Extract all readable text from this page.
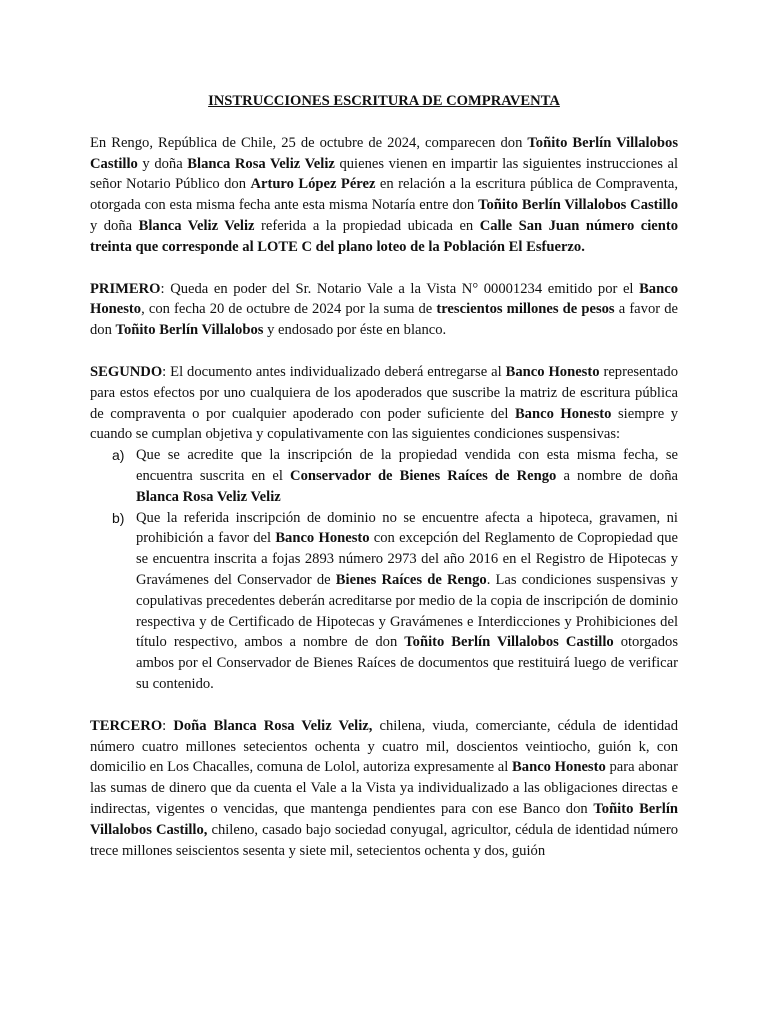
INSTRUCCIONES ESCRITURA DE COMPRAVENTA

En Rengo, República de Chile, 25 de octubre de 2024, comparecen don Toñito Berlín Villalobos Castillo y doña Blanca Rosa Veliz Veliz quienes vienen en impartir las siguientes instrucciones al señor Notario Público don Arturo López Pérez en relación a la escritura pública de Compraventa, otorgada con esta misma fecha ante esta misma Notaría entre don Toñito Berlín Villalobos Castillo y doña Blanca Veliz Veliz referida a la propiedad ubicada en Calle San Juan número ciento treinta que corresponde al LOTE C del plano loteo de la Población El Esfuerzo.

PRIMERO: Queda en poder del Sr. Notario Vale a la Vista N° 00001234 emitido por el Banco Honesto, con fecha 20 de octubre de 2024 por la suma de trescientos millones de pesos a favor de don Toñito Berlín Villalobos y endosado por éste en blanco.

SEGUNDO: El documento antes individualizado deberá entregarse al Banco Honesto representado para estos efectos por uno cualquiera de los apoderados que suscribe la matriz de escritura pública de compraventa o por cualquier apoderado con poder suficiente del Banco Honesto siempre y cuando se cumplan objetiva y copulativamente con las siguientes condiciones suspensivas:

a) Que se acredite que la inscripción de la propiedad vendida con esta misma fecha, se encuentra suscrita en el Conservador de Bienes Raíces de Rengo a nombre de doña Blanca Rosa Veliz Veliz
b) Que la referida inscripción de dominio no se encuentre afecta a hipoteca, gravamen, ni prohibición a favor del Banco Honesto con excepción del Reglamento de Copropiedad que se encuentra inscrita a fojas 2893 número 2973 del año 2016 en el Registro de Hipotecas y Gravámenes del Conservador de Bienes Raíces de Rengo. Las condiciones suspensivas y copulativas precedentes deberán acreditarse por medio de la copia de inscripción de dominio respectiva y de Certificado de Hipotecas y Gravámenes e Interdicciones y Prohibiciones del título respectivo, ambos a nombre de don Toñito Berlín Villalobos Castillo otorgados ambos por el Conservador de Bienes Raíces de documentos que restituirá luego de verificar su contenido.

TERCERO: Doña Blanca Rosa Veliz Veliz, chilena, viuda, comerciante, cédula de identidad número cuatro millones setecientos ochenta y cuatro mil, doscientos veintiocho, guión k, con domicilio en Los Chacalles, comuna de Lolol, autoriza expresamente al Banco Honesto para abonar las sumas de dinero que da cuenta el Vale a la Vista ya individualizado a las obligaciones directas e indirectas, vigentes o vencidas, que mantenga pendientes para con ese Banco don Toñito Berlín Villalobos Castillo, chileno, casado bajo sociedad conyugal, agricultor, cédula de identidad número trece millones seiscientos sesenta y siete mil, setecientos ochenta y dos, guión
